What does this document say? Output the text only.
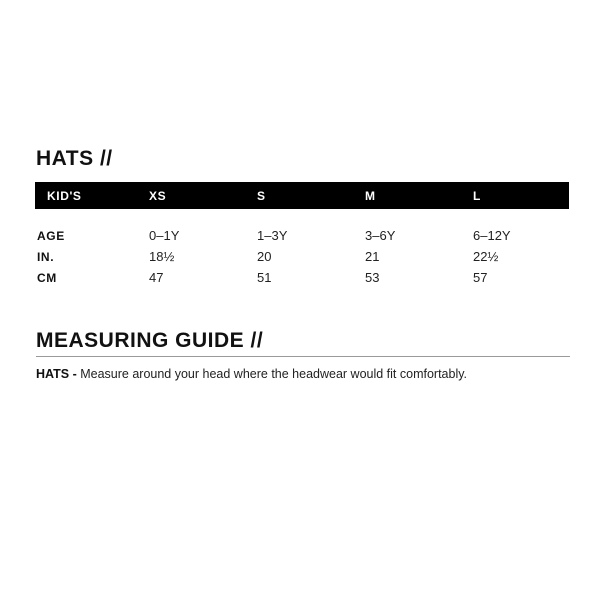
HATS //
KID'S	XS	S	M	L

AGE	0–1Y	1–3Y	3–6Y	6–12Y
IN.	18½	20	21	22½
CM	47	51	53	57
MEASURING GUIDE //
HATS - Measure around your head where the headwear would fit comfortably.
